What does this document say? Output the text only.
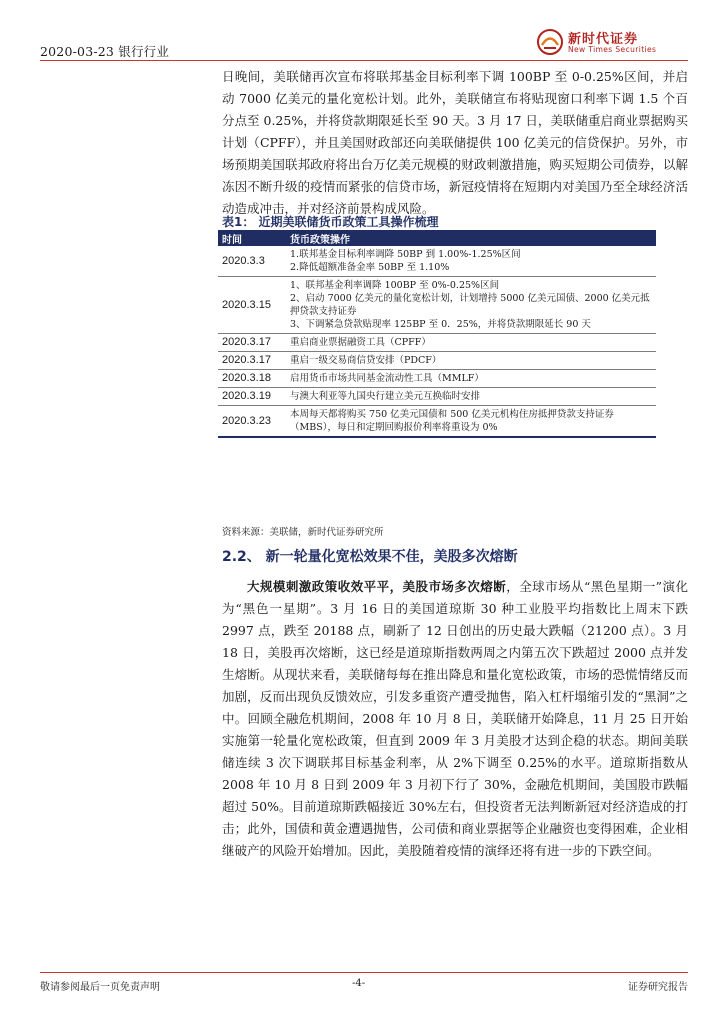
2020-03-23 银行行业
新时代证券
New Times Securities

日晚间，美联储再次宣布将联邦基金目标利率下调 100BP 至 0-0.25%区间，并启动 7000 亿美元的量化宽松计划。此外，美联储宣布将贴现窗口利率下调 1.5 个百分点至 0.25%，并将贷款期限延长至 90 天。3 月 17 日，美联储重启商业票据购买计划（CPFF），并且美国财政部还向美联储提供 100 亿美元的信贷保护。另外，市场预期美国联邦政府将出台万亿美元规模的财政刺激措施，购买短期公司债券，以解冻因不断升级的疫情而紧张的信贷市场，新冠疫情将在短期内对美国乃至全球经济活动造成冲击，并对经济前景构成风险。

表1： 近期美联储货币政策工具操作梳理
时间	货币政策操作
2020.3.3	1.联邦基金目标利率调降 50BP 到 1.00%-1.25%区间
2.降低超额准备金率 50BP 至 1.10%

2020.3.15	1、联邦基金利率调降 100BP 至 0%-0.25%区间
2、启动 7000 亿美元的量化宽松计划，计划增持 5000 亿美元国债、2000 亿美元抵押贷款支持证券
3、下调紧急贷款贴现率 125BP 至 0．25%，并将贷款期限延长 90 天

2020.3.17	重启商业票据融资工具（CPFF）

2020.3.17	重启一级交易商信贷安排（PDCF）

2020.3.18	启用货币市场共同基金流动性工具（MMLF）

2020.3.19	与澳大利亚等九国央行建立美元互换临时安排

2020.3.23	本周每天都将购买 750 亿美元国债和 500 亿美元机构住房抵押贷款支持证券（MBS），每日和定期回购报价利率将重设为 0%
资料来源：美联储，新时代证券研究所
2.2、 新一轮量化宽松效果不佳，美股多次熔断

大规模刺激政策收效平平，美股市场多次熔断，全球市场从“黑色星期一”演化为“黑色一星期”。3 月 16 日的美国道琼斯 30 种工业股平均指数比上周末下跌 2997 点，跌至 20188 点，刷新了 12 日创出的历史最大跌幅（21200 点）。3 月 18 日，美股再次熔断，这已经是道琼斯指数两周之内第五次下跌超过 2000 点并发生熔断。从现状来看，美联储每每在推出降息和量化宽松政策，市场的恐慌情绪反而加剧，反而出现负反馈效应，引发多重资产遭受抛售，陷入杠杆塌缩引发的“黑洞”之中。回顾全融危机期间，2008 年 10 月 8 日，美联储开始降息，11 月 25 日开始实施第一轮量化宽松政策，但直到 2009 年 3 月美股才达到企稳的状态。期间美联储连续 3 次下调联邦目标基金利率，从 2%下调至 0.25%的水平。道琼斯指数从 2008 年 10 月 8 日到 2009 年 3 月初下行了 30%，金融危机期间，美国股市跌幅超过 50%。目前道琼斯跌幅接近 30%左右，但投资者无法判断新冠对经济造成的打击；此外，国债和黄金遭遇抛售，公司债和商业票据等企业融资也变得困难，企业相继破产的风险开始增加。因此，美股随着疫情的演绎还将有进一步的下跌空间。

敬请参阅最后一页免责声明	-4-	证券研究报告
